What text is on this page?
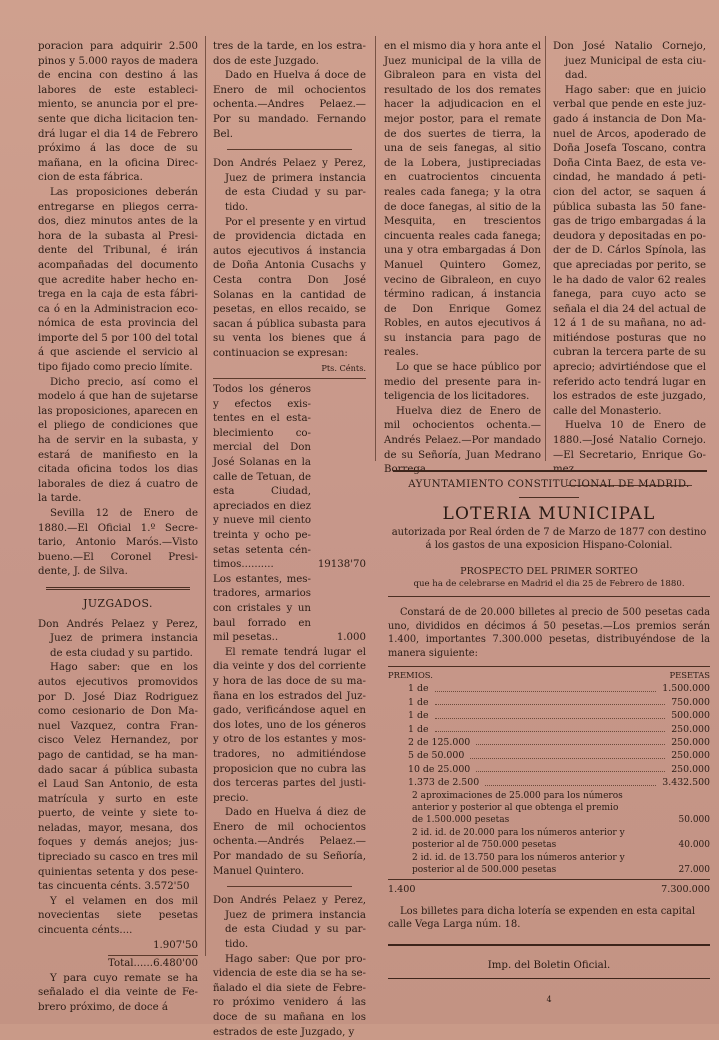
poracion para adquirir 2.500 pinos y 5.000 rayos de madera de encina con destino á las labores de este establecimiento, se anuncia por el presente que dicha licitacion tendrá lugar el dia 14 de Febrero próximo á las doce de su mañana, en la oficina Direccion de esta fábrica.

Las proposiciones deberán entregarse en pliegos cerrados, diez minutos antes de la hora de la subasta al Presidente del Tribunal, é irán acompañadas del documento que acredite haber hecho entrega en la caja de esta fábrica ó en la Administracion económica de esta provincia del importe del 5 por 100 del total á que asciende el servicio al tipo fijado como precio límite.

Dicho precio, así como el modelo á que han de sujetarse las proposiciones, aparecen en el pliego de condiciones que ha de servir en la subasta, y estará de manifiesto en la citada oficina todos los dias laborales de diez á cuatro de la tarde.

Sevilla 12 de Enero de 1880.—El Oficial 1.º Secretario, Antonio Marós.—Visto bueno.—El Coronel Presidente, J. de Silva.

JUZGADOS.

Don Andrés Pelaez y Perez, Juez de primera instancia de esta ciudad y su partido.

Hago saber: que en los autos ejecutivos promovidos por D. José Diaz Rodriguez como cesionario de Don Manuel Vazquez, contra Francisco Velez Hernandez, por pago de cantidad, se ha mandado sacar á pública subasta el Laud San Antonio, de esta matrícula y surto en este puerto, de veinte y siete toneladas, mayor, mesana, dos foques y demás anejos; justipreciado su casco en tres mil quinientas setenta y dos pesetas cincuenta cénts. 3.572'50

Y el velamen en dos mil novecientas siete pesetas cincuenta cénts....

1.907'50
Total...... 6.480'00

Y para cuyo remate se ha señalado el dia veinte de Febrero próximo, de doce á

tres de la tarde, en los estrados de este Juzgado.

Dado en Huelva á doce de Enero de mil ochocientos ochenta.—Andres Pelaez.—Por su mandado. Fernando Bel.

Don Andrés Pelaez y Perez, Juez de primera instancia de esta Ciudad y su partido.

Por el presente y en virtud de providencia dictada en autos ejecutivos á instancia de Doña Antonia Cusachs y Cesta contra Don José Solanas en la cantidad de pesetas, en ellos recaido, se sacan á pública subasta para su venta los bienes que á continuacion se expresan:

Pts. Cénts.
Todos los géneros y efectos existentes en el establecimiento comercial del Don José Solanas en la calle de Tetuan, de esta Ciudad, apreciados en diez y nueve mil ciento treinta y ocho pesetas setenta céntimos..........	19138'70
Los estantes, mestradores, armarios con cristales y un baul forrado en mil pesetas..	1.000

El remate tendrá lugar el dia veinte y dos del corriente y hora de las doce de su mañana en los estrados del Juzgado, verificándose aquel en dos lotes, uno de los géneros y otro de los estantes y mostradores, no admitiéndose proposicion que no cubra las dos terceras partes del justiprecio.

Dado en Huelva á diez de Enero de mil ochocientos ochenta.—Andrés Pelaez.—Por mandado de su Señoría, Manuel Quintero.

Don Andrés Pelaez y Perez, Juez de primera instancia de esta Ciudad y su partido.

Hago saber: Que por providencia de este dia se ha señalado el dia siete de Febrero próximo venidero á las doce de su mañana en los estrados de este Juzgado, y

en el mismo dia y hora ante el Juez municipal de la villa de Gibraleon para en vista del resultado de los dos remates hacer la adjudicacion en el mejor postor, para el remate de dos suertes de tierra, la una de seis fanegas, al sitio de la Lobera, justipreciadas en cuatrocientos cincuenta reales cada fanega; y la otra de doce fanegas, al sitio de la Mesquita, en trescientos cincuenta reales cada fanega; una y otra embargadas á Don Manuel Quintero Gomez, vecino de Gibraleon, en cuyo término radican, á instancia de Don Enrique Gomez Robles, en autos ejecutivos á su instancia para pago de reales.

Lo que se hace público por medio del presente para inteligencia de los licitadores.

Huelva diez de Enero de mil ochocientos ochenta.—Andrés Pelaez.—Por mandado de su Señoría, Juan Medrano Borrega.

Don José Natalio Cornejo, juez Municipal de esta ciudad.

Hago saber: que en juicio verbal que pende en este juzgado á instancia de Don Manuel de Arcos, apoderado de Doña Josefa Toscano, contra Doña Cinta Baez, de esta vecindad, he mandado á peticion del actor, se saquen á pública subasta las 50 fanegas de trigo embargadas á la deudora y depositadas en poder de D. Cárlos Spínola, las que apreciadas por perito, se le ha dado de valor 62 reales fanega, para cuyo acto se señala el dia 24 del actual de 12 á 1 de su mañana, no admitiéndose posturas que no cubran la tercera parte de su aprecio; advirtiéndose que el referido acto tendrá lugar en los estrados de este juzgado, calle del Monasterio.

Huelva 10 de Enero de 1880.—José Natalio Cornejo.—El Secretario, Enrique Gomez.

AYUNTAMIENTO CONSTITUCIONAL DE MADRID.
LOTERIA MUNICIPAL
autorizada por Real órden de 7 de Marzo de 1877 con destino á los gastos de una exposicion Hispano-Colonial.
PROSPECTO DEL PRIMER SORTEO
que ha de celebrarse en Madrid el dia 25 de Febrero de 1880.
Constará de de 20.000 billetes al precio de 500 pesetas cada uno, divididos en décimos á 50 pesetas.—Los premios serán 1.400, importantes 7.300.000 pesetas, distribuyéndose de la manera siguiente:
PREMIOS.	PESETAS
1 de	1.500.000
1 de	750.000
1 de	500.000
1 de	250.000
2 de 125.000	250.000
5 de 50.000	250.000
10 de 25.000	250.000
1.373 de 2.500	3.432.500
2 aproximaciones de 25.000 para los números anterior y posterior al que obtenga el premio de 1.500.000 pesetas	50.000
2 id. id. de 20.000 para los números anterior y posterior al de 750.000 pesetas	40.000
2 id. id. de 13.750 para los números anterior y posterior al de 500.000 pesetas	27.000
1.400	7.300.000
Los billetes para dicha lotería se expenden en esta capital calle Vega Larga núm. 18.
Imp. del Boletin Oficial.
4
